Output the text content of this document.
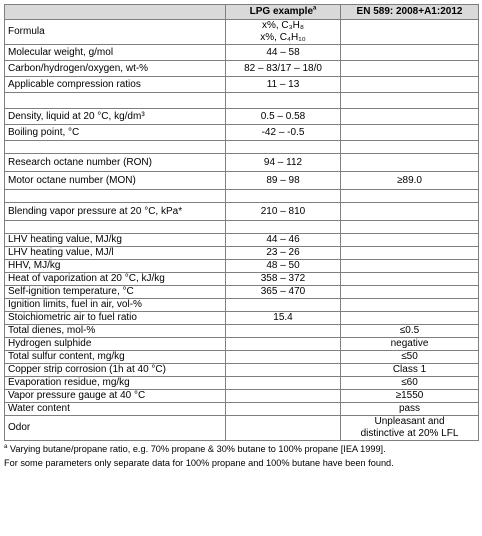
	LPG example$^a$	EN 589: 2008+A1:2012
Formula	x%, C₃H₈
x%, C₄H₁₀	
Molecular weight, g/mol	44 – 58	
Carbon/hydrogen/oxygen, wt-%	82 – 83/17 – 18/0	
Applicable compression ratios	11 – 13	

Density, liquid at 20 °C, kg/dm³	0.5 – 0.58	
Boiling point, °C	-42 – -0.5	

Research octane number (RON)	94 – 112	
Motor octane number (MON)	89 – 98	≥89.0

Blending vapor pressure at 20 °C, kPa*	210 – 810	

LHV heating value, MJ/kg	44 – 46	
LHV heating value, MJ/l	23 – 26	
HHV, MJ/kg	48 – 50	
Heat of vaporization at 20 °C, kJ/kg	358 – 372	
Self-ignition temperature, °C	365 – 470	
Ignition limits, fuel in air, vol-%		
Stoichiometric air to fuel ratio	15.4	
Total dienes, mol-%		≤0.5
Hydrogen sulphide		negative
Total sulfur content, mg/kg		≤50
Copper strip corrosion (1h at 40 °C)		Class 1
Evaporation residue, mg/kg		≤60
Vapor pressure gauge at 40 °C		≥1550
Water content		pass
Odor		Unpleasant and
distinctive at 20% LFL
$^a$ Varying butane/propane ratio, e.g. 70% propane & 30% butane to 100% propane [IEA 1999].
For some parameters only separate data for 100% propane and 100% butane have been found.
